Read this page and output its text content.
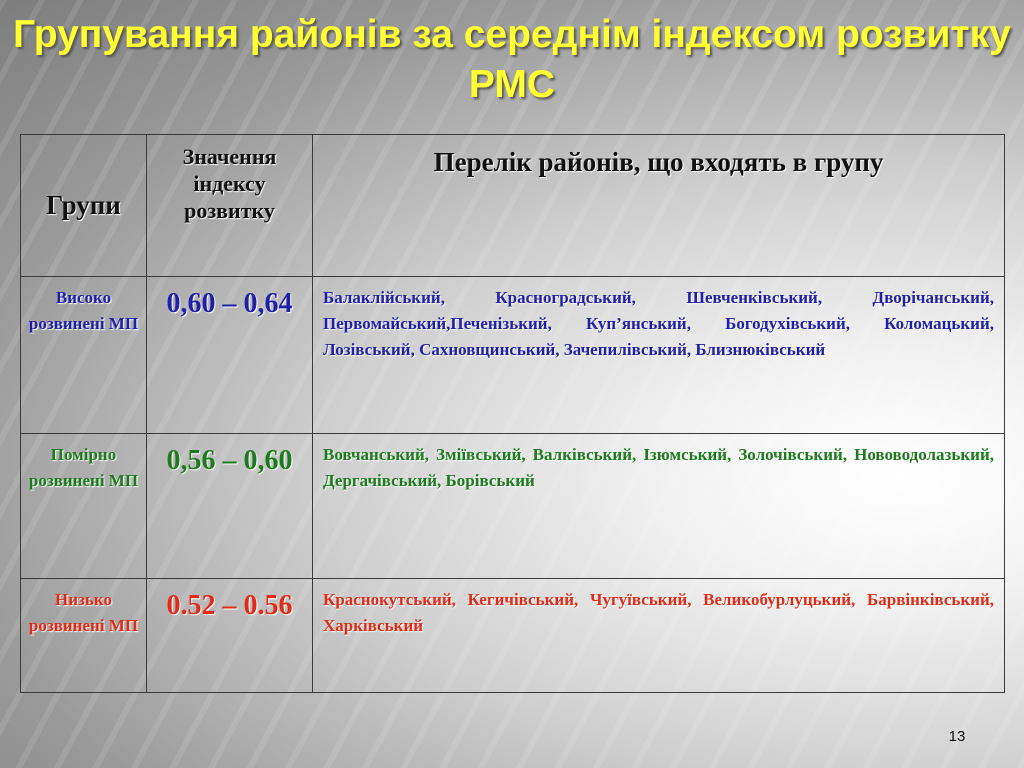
Групування районів за середнім індексом розвитку РМС
Групи	Значення індексу розвитку	Перелік районів, що входять в групу
Високо розвинені МП	0,60 – 0,64	Балаклійський, Красноградський, Шевченківський, Дворічанський, Первомайський,Печенізький, Куп’янський, Богодухівський, Коломацький, Лозівський, Сахновщинський, Зачепилівський, Близнюківський
Помірно розвинені МП	0,56 – 0,60	Вовчанський, Зміївський, Валківський, Ізюмський, Золочівський, Нововодолазький, Дергачівський, Борівський
Низько розвинені МП	0.52 – 0.56	Краснокутський, Кегичівський, Чугуївський, Великобурлуцький, Барвінківський, Харківський
13
